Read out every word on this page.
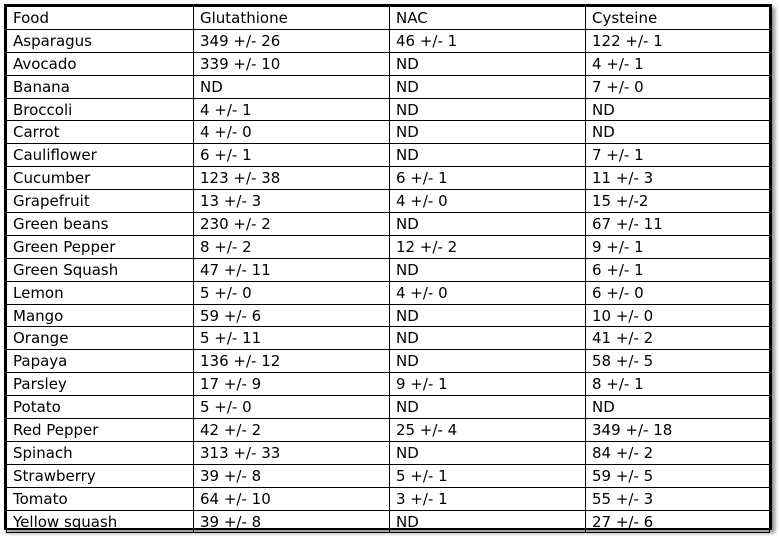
Food	Glutathione	NAC	Cysteine
Asparagus	349 +/- 26	46 +/- 1	122 +/- 1
Avocado	339 +/- 10	ND	4 +/- 1
Banana	ND	ND	7 +/- 0
Broccoli	4 +/- 1	ND	ND
Carrot	4 +/- 0	ND	ND
Cauliflower	6 +/- 1	ND	7 +/- 1
Cucumber	123 +/- 38	6 +/- 1	11 +/- 3
Grapefruit	13 +/- 3	4 +/- 0	15 +/-2
Green beans	230 +/- 2	ND	67 +/- 11
Green Pepper	8 +/- 2	12 +/- 2	9 +/- 1
Green Squash	47 +/- 11	ND	6 +/- 1
Lemon	5 +/- 0	4 +/- 0	6 +/- 0
Mango	59 +/- 6	ND	10 +/- 0
Orange	5 +/- 11	ND	41 +/- 2
Papaya	136 +/- 12	ND	58 +/- 5
Parsley	17 +/- 9	9 +/- 1	8 +/- 1
Potato	5 +/- 0	ND	ND
Red Pepper	42 +/- 2	25 +/- 4	349 +/- 18
Spinach	313 +/- 33	ND	84 +/- 2
Strawberry	39 +/- 8	5 +/- 1	59 +/- 5
Tomato	64 +/- 10	3 +/- 1	55 +/- 3
Yellow squash	39 +/- 8	ND	27 +/- 6
